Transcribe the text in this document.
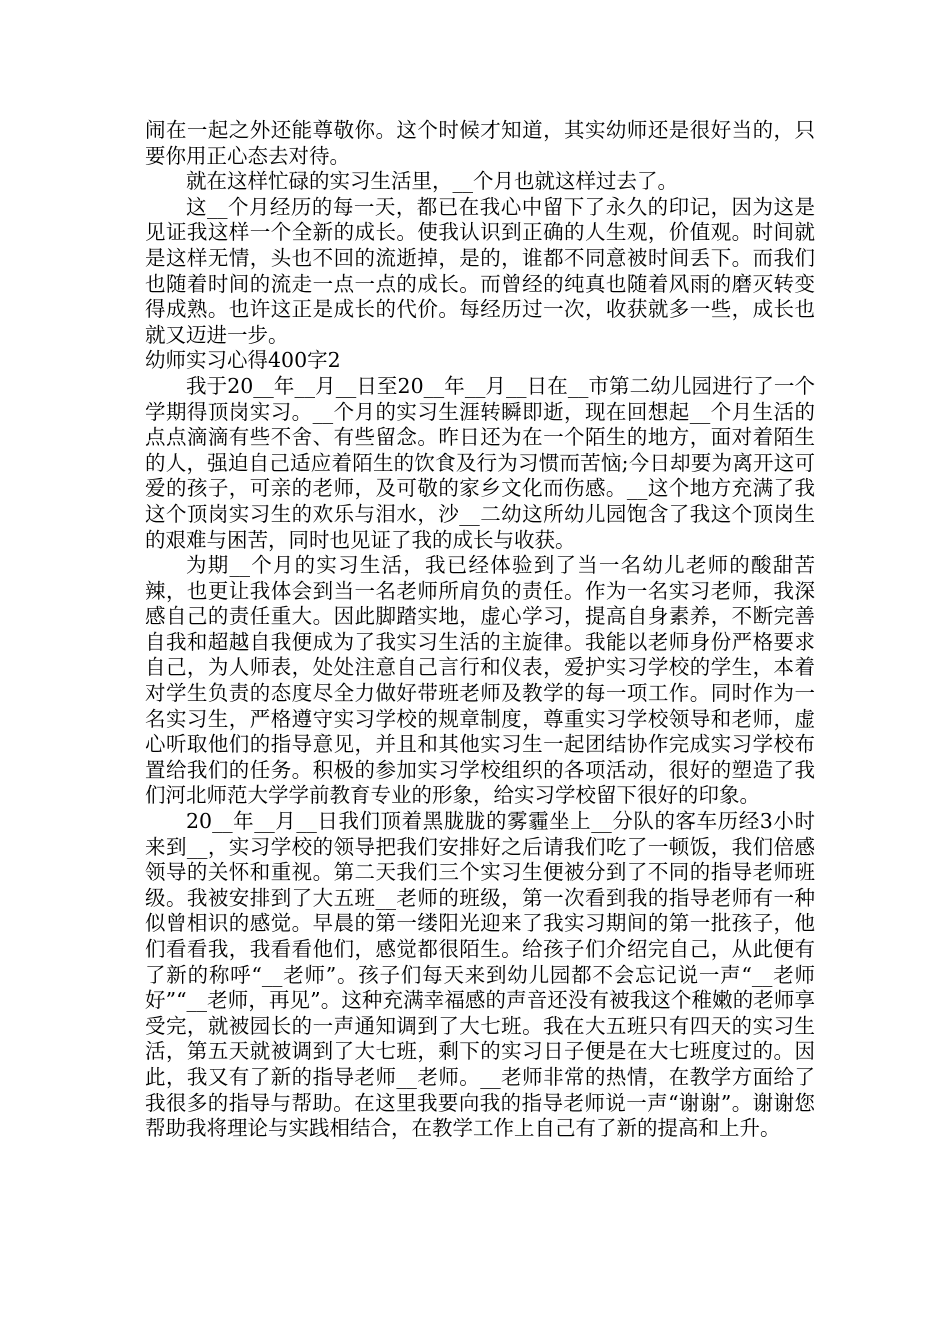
闹在一起之外还能尊敬你。这个时候才知道，其实幼师还是很好当的，只要你用正心态去对待。

就在这样忙碌的实习生活里，__个月也就这样过去了。

这__个月经历的每一天，都已在我心中留下了永久的印记，因为这是见证我这样一个全新的成长。使我认识到正确的人生观，价值观。时间就是这样无情，头也不回的流逝掉，是的，谁都不同意被时间丢下。而我们也随着时间的流走一点一点的成长。而曾经的纯真也随着风雨的磨灭转变得成熟。也许这正是成长的代价。每经历过一次，收获就多一些，成长也就又迈进一步。

幼师实习心得400字2

我于20__年__月__日至20__年__月__日在__市第二幼儿园进行了一个学期得顶岗实习。__个月的实习生涯转瞬即逝，现在回想起__个月生活的点点滴滴有些不舍、有些留念。昨日还为在一个陌生的地方，面对着陌生的人，强迫自己适应着陌生的饮食及行为习惯而苦恼;今日却要为离开这可爱的孩子，可亲的老师，及可敬的家乡文化而伤感。__这个地方充满了我这个顶岗实习生的欢乐与泪水，沙__二幼这所幼儿园饱含了我这个顶岗生的艰难与困苦，同时也见证了我的成长与收获。

为期__个月的实习生活，我已经体验到了当一名幼儿老师的酸甜苦辣，也更让我体会到当一名老师所肩负的责任。作为一名实习老师，我深感自己的责任重大。因此脚踏实地，虚心学习，提高自身素养，不断完善自我和超越自我便成为了我实习生活的主旋律。我能以老师身份严格要求自己，为人师表，处处注意自己言行和仪表，爱护实习学校的学生，本着对学生负责的态度尽全力做好带班老师及教学的每一项工作。同时作为一名实习生，严格遵守实习学校的规章制度，尊重实习学校领导和老师，虚心听取他们的指导意见，并且和其他实习生一起团结协作完成实习学校布置给我们的任务。积极的参加实习学校组织的各项活动，很好的塑造了我们河北师范大学学前教育专业的形象，给实习学校留下很好的印象。

20__年__月__日我们顶着黑胧胧的雾霾坐上__分队的客车历经3小时来到__，实习学校的领导把我们安排好之后请我们吃了一顿饭，我们倍感领导的关怀和重视。第二天我们三个实习生便被分到了不同的指导老师班级。我被安排到了大五班__老师的班级，第一次看到我的指导老师有一种似曾相识的感觉。早晨的第一缕阳光迎来了我实习期间的第一批孩子，他们看看我，我看看他们，感觉都很陌生。给孩子们介绍完自己，从此便有了新的称呼“__老师”。孩子们每天来到幼儿园都不会忘记说一声“__老师好”“__老师，再见”。这种充满幸福感的声音还没有被我这个稚嫩的老师享受完，就被园长的一声通知调到了大七班。我在大五班只有四天的实习生活，第五天就被调到了大七班，剩下的实习日子便是在大七班度过的。因此，我又有了新的指导老师__老师。__老师非常的热情，在教学方面给了我很多的指导与帮助。在这里我要向我的指导老师说一声“谢谢”。谢谢您帮助我将理论与实践相结合，在教学工作上自己有了新的提高和上升。
